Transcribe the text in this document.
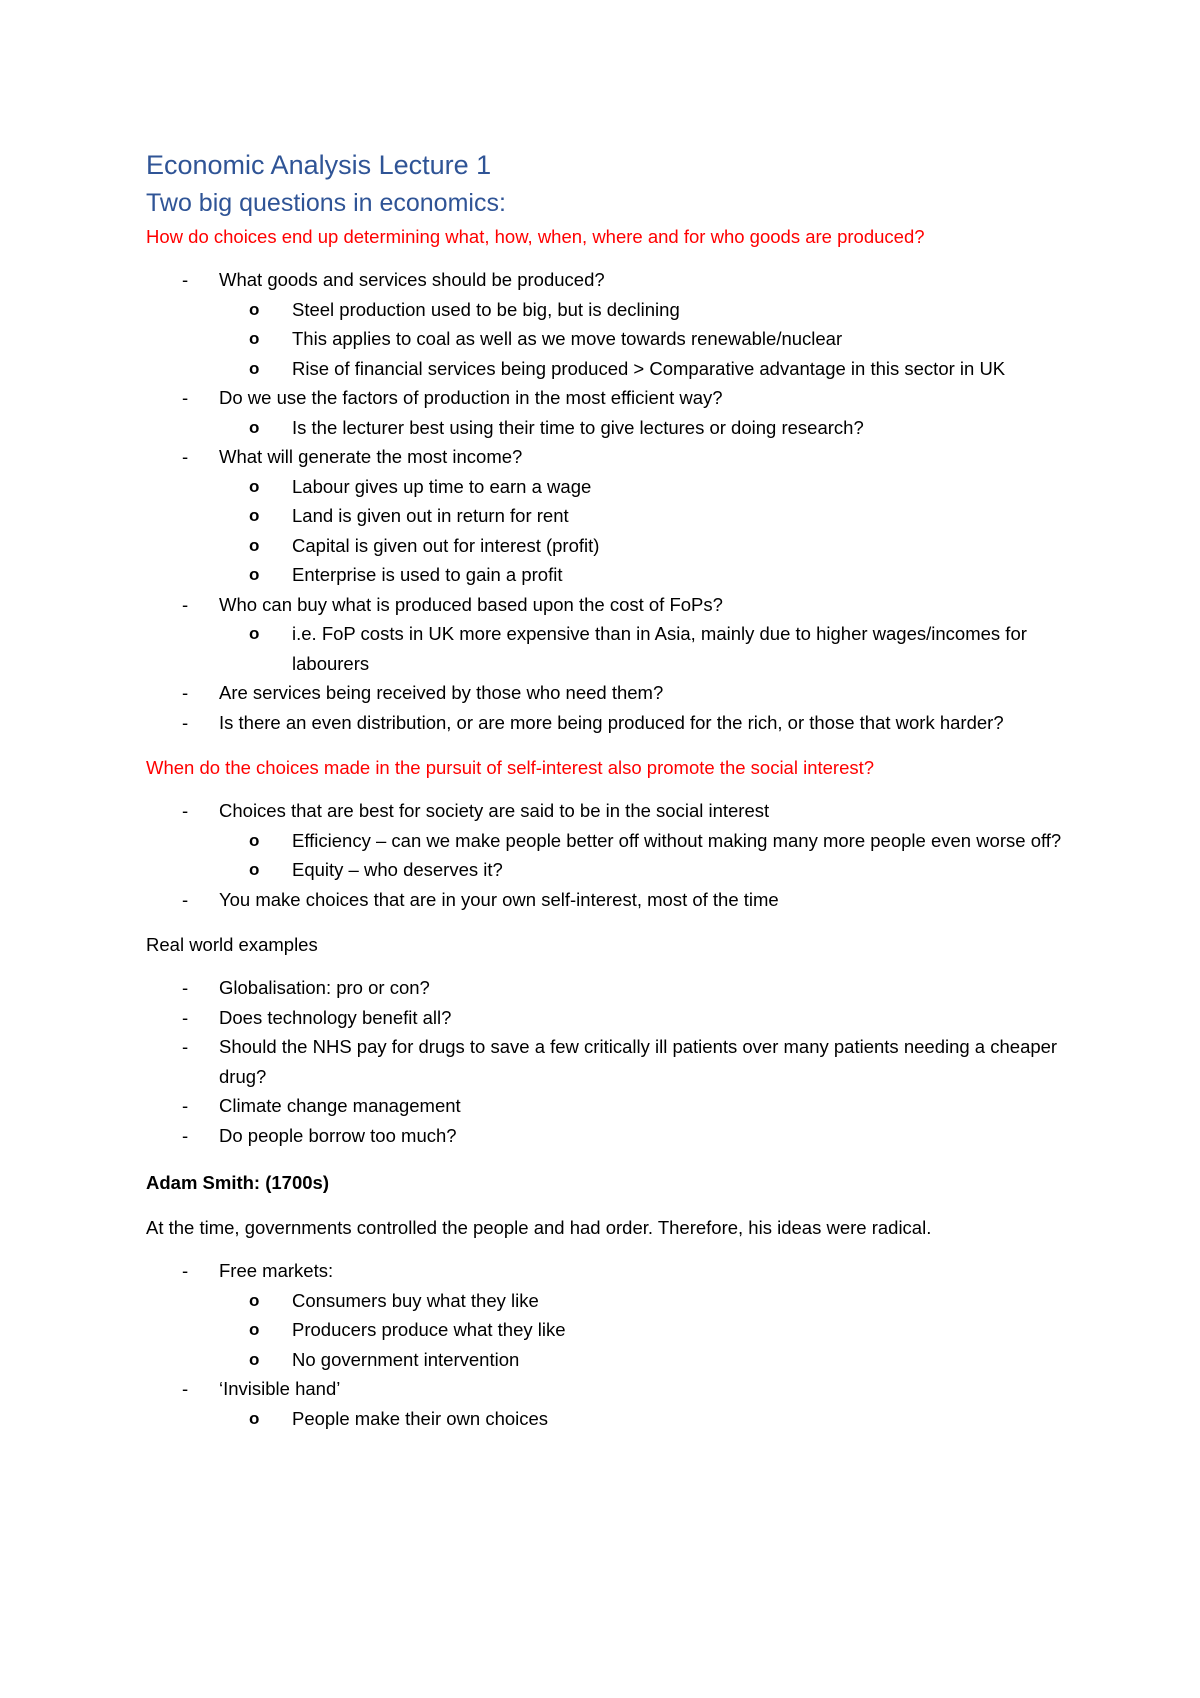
Economic Analysis Lecture 1
Two big questions in economics:

How do choices end up determining what, how, when, where and for who goods are produced?

- What goods and services should be produced?
o Steel production used to be big, but is declining
o This applies to coal as well as we move towards renewable/nuclear
o Rise of financial services being produced > Comparative advantage in this sector in UK
- Do we use the factors of production in the most efficient way?
o Is the lecturer best using their time to give lectures or doing research?
- What will generate the most income?
o Labour gives up time to earn a wage
o Land is given out in return for rent
o Capital is given out for interest (profit)
o Enterprise is used to gain a profit
- Who can buy what is produced based upon the cost of FoPs?
o i.e. FoP costs in UK more expensive than in Asia, mainly due to higher wages/incomes for labourers
- Are services being received by those who need them?
- Is there an even distribution, or are more being produced for the rich, or those that work harder?

When do the choices made in the pursuit of self-interest also promote the social interest?

- Choices that are best for society are said to be in the social interest
o Efficiency – can we make people better off without making many more people even worse off?
o Equity – who deserves it?
- You make choices that are in your own self-interest, most of the time

Real world examples

- Globalisation: pro or con?
- Does technology benefit all?
- Should the NHS pay for drugs to save a few critically ill patients over many patients needing a cheaper drug?
- Climate change management
- Do people borrow too much?

Adam Smith: (1700s)

At the time, governments controlled the people and had order. Therefore, his ideas were radical.

- Free markets:
o Consumers buy what they like
o Producers produce what they like
o No government intervention
- ‘Invisible hand’
o People make their own choices
